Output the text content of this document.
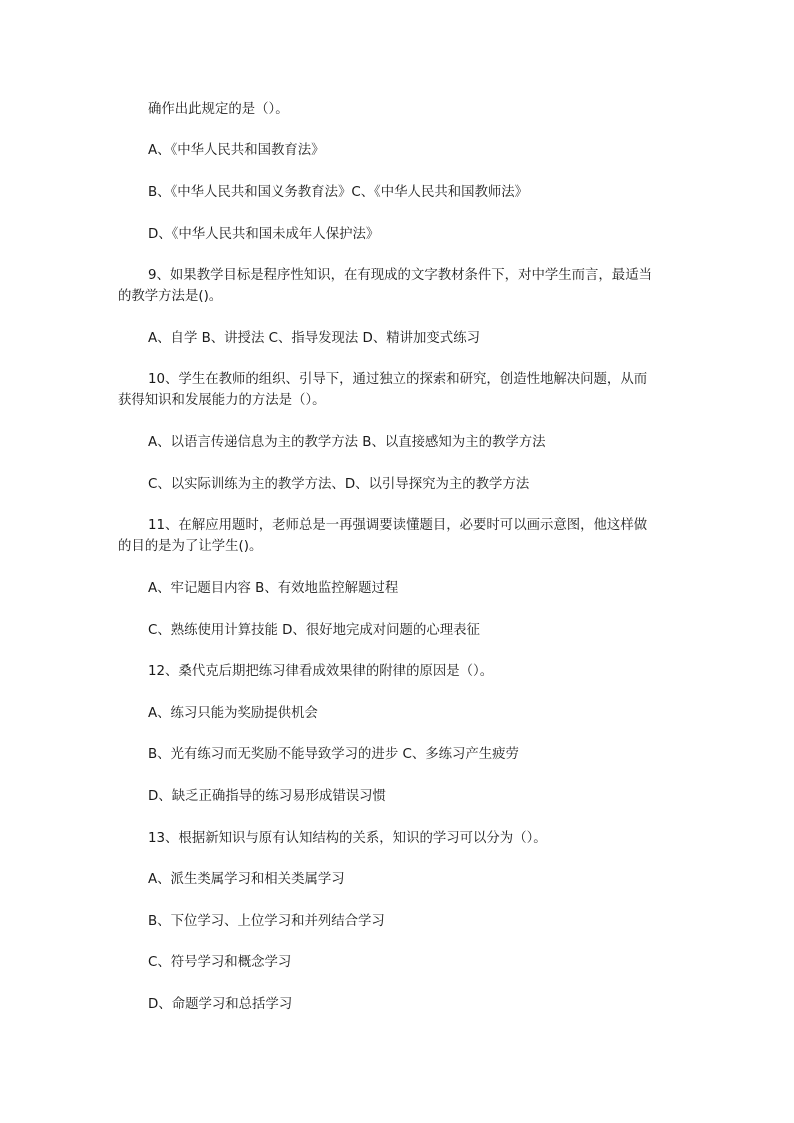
确作出此规定的是（）。
A、《中华人民共和国教育法》
B、《中华人民共和国义务教育法》C、《中华人民共和国教师法》
D、《中华人民共和国未成年人保护法》
9、如果教学目标是程序性知识，在有现成的文字教材条件下，对中学生而言，最适当
的教学方法是()。
A、自学 B、讲授法 C、指导发现法 D、精讲加变式练习
10、学生在教师的组织、引导下，通过独立的探索和研究，创造性地解决问题，从而
获得知识和发展能力的方法是（）。
A、以语言传递信息为主的教学方法 B、以直接感知为主的教学方法
C、以实际训练为主的教学方法、D、以引导探究为主的教学方法
11、在解应用题时，老师总是一再强调要读懂题目，必要时可以画示意图，他这样做
的目的是为了让学生()。
A、牢记题目内容 B、有效地监控解题过程
C、熟练使用计算技能 D、很好地完成对问题的心理表征
12、桑代克后期把练习律看成效果律的附律的原因是（）。
A、练习只能为奖励提供机会
B、光有练习而无奖励不能导致学习的进步 C、多练习产生疲劳
D、缺乏正确指导的练习易形成错误习惯
13、根据新知识与原有认知结构的关系，知识的学习可以分为（）。
A、派生类属学习和相关类属学习
B、下位学习、上位学习和并列结合学习
C、符号学习和概念学习
D、命题学习和总括学习
